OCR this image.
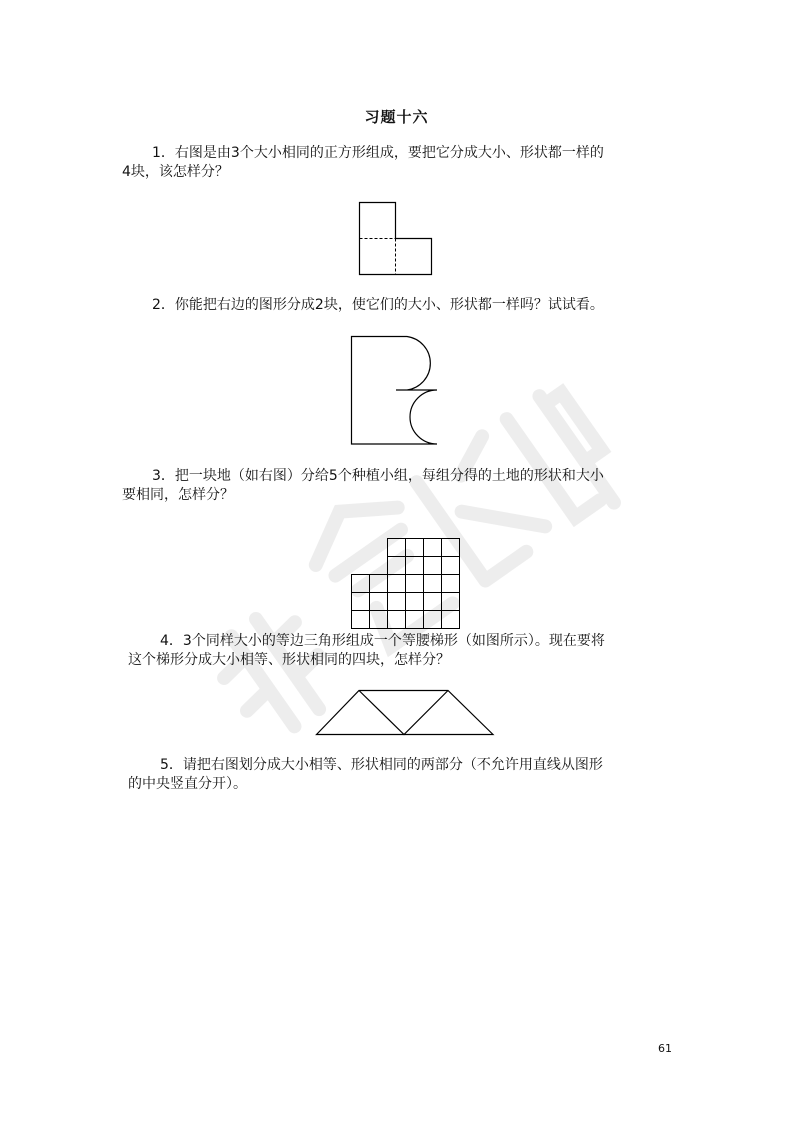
习题十六
1．右图是由3个大小相同的正方形组成，要把它分成大小、形状都一样的
4块，该怎样分？
2．你能把右边的图形分成2块，使它们的大小、形状都一样吗？试试看。
3．把一块地（如右图）分给5个种植小组，每组分得的土地的形状和大小
要相同，怎样分？
4．3个同样大小的等边三角形组成一个等腰梯形（如图所示）。现在要将
这个梯形分成大小相等、形状相同的四块，怎样分？
5．请把右图划分成大小相等、形状相同的两部分（不允许用直线从图形
的中央竖直分开）。
61
